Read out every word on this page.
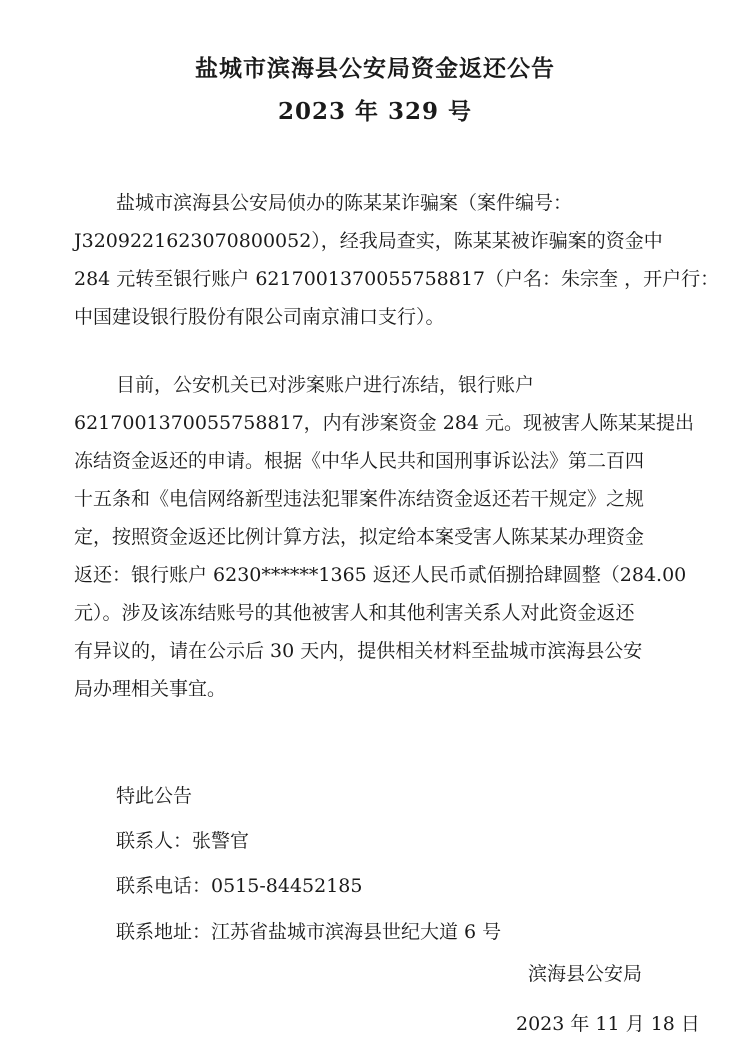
盐城市滨海县公安局资金返还公告
2023 年 329 号
盐城市滨海县公安局侦办的陈某某诈骗案（案件编号：
J3209221623070800052），经我局查实，陈某某被诈骗案的资金中
284 元转至银行账户 6217001370055758817（户名：朱宗奎 ，开户行：
中国建设银行股份有限公司南京浦口支行）。
目前，公安机关已对涉案账户进行冻结，银行账户
6217001370055758817，内有涉案资金 284 元。现被害人陈某某提出
冻结资金返还的申请。根据《中华人民共和国刑事诉讼法》第二百四
十五条和《电信网络新型违法犯罪案件冻结资金返还若干规定》之规
定，按照资金返还比例计算方法，拟定给本案受害人陈某某办理资金
返还：银行账户 6230******1365 返还人民币贰佰捌拾肆圆整（284.00
元）。涉及该冻结账号的其他被害人和其他利害关系人对此资金返还
有异议的，请在公示后 30 天内，提供相关材料至盐城市滨海县公安
局办理相关事宜。
特此公告
联系人：张警官
联系电话：0515-84452185
联系地址：江苏省盐城市滨海县世纪大道 6 号
滨海县公安局
2023 年 11 月 18 日
